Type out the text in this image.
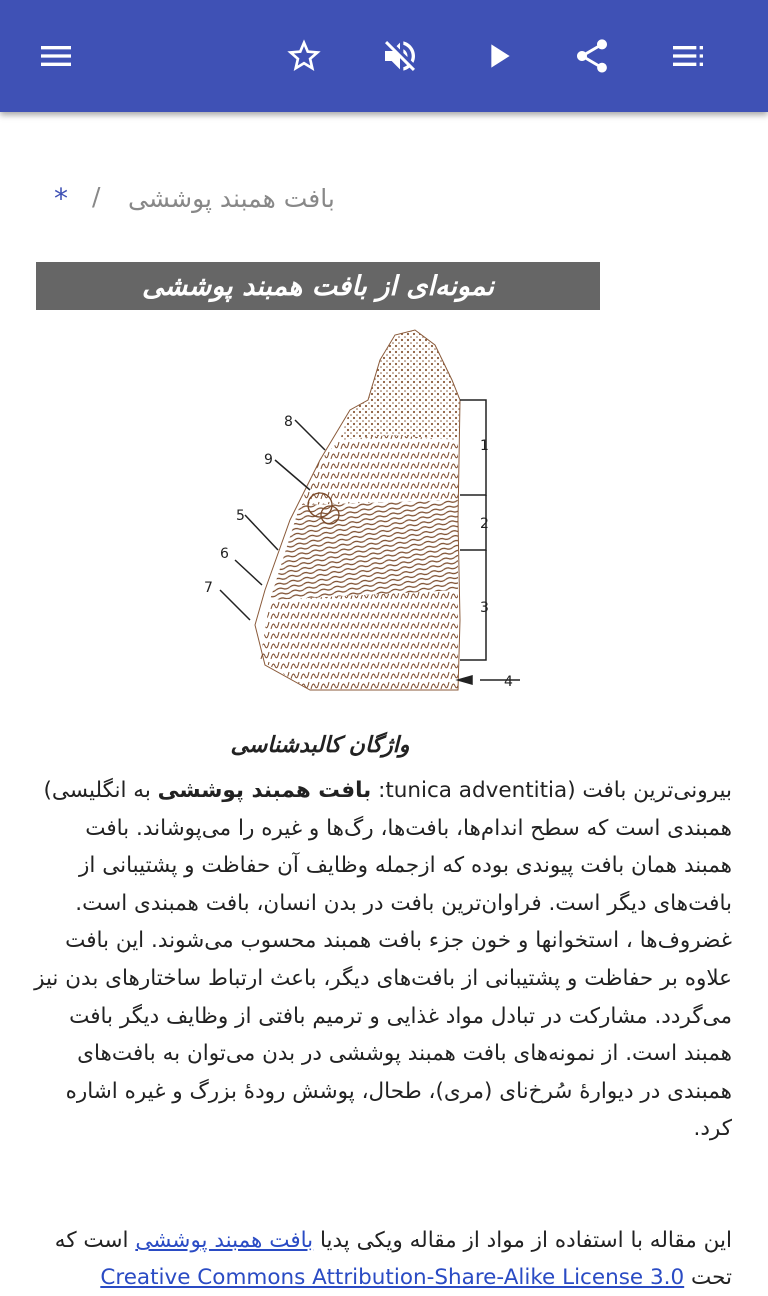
* / بافت همبند پوششی
نمونه‌ای از بافت همبند پوششی
1
2
3
4
5
6
7
8
9
واژگان کالبدشناسی

بیرونی‌ترین بافت (tunica adventitia: بافت همبند پوششی به انگلیسی) همبندی است که سطح اندام‌ها، بافت‌ها، رگ‌ها و غیره را می‌پوشاند. بافت همبند همان بافت پیوندی بوده که ازجمله وظایف آن حفاظت و پشتیبانی از بافت‌های دیگر است. فراوان‌ترین بافت در بدن انسان، بافت همبندی است. غضروف‌ها ، استخوانها و خون جزء بافت همبند محسوب می‌شوند. این بافت علاوه بر حفاظت و پشتیبانی از بافت‌های دیگر، باعث ارتباط ساختارهای بدن نیز می‌گردد. مشارکت در تبادل مواد غذایی و ترمیم بافتی از وظایف دیگر بافت همبند است. از نمونه‌های بافت همبند پوششی در بدن می‌توان به بافت‌های همبندی در دیوارهٔ سُرخ‌نای (مری)، طحال، پوشش رودهٔ بزرگ و غیره اشاره کرد.

این مقاله با استفاده از مواد از مقاله ویکی پدیا بافت همبند پوششی است که تحت Creative Commons Attribution-Share-Alike License 3.0
